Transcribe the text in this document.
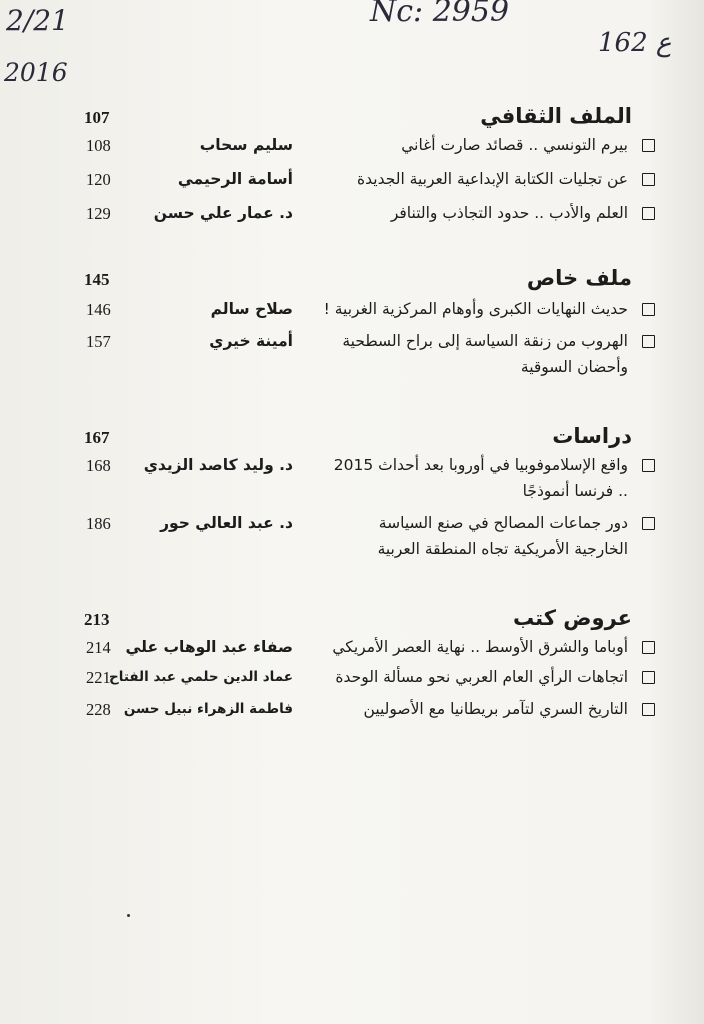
2/21	Nc: 2959
162 ع
2016
الملف الثقافي
107
بيرم التونسي .. قصائد صارت أغاني
سليم سحاب
108
عن تجليات الكتابة الإبداعية العربية الجديدة
أسامة الرحيمي
120
العلم والأدب .. حدود التجاذب والتنافر
د. عمار علي حسن
129
ملف خاص
145
حديث النهايات الكبرى وأوهام المركزية الغربية !
صلاح سالم
146
الهروب من زنقة السياسة إلى براح السطحية
وأحضان السوقية
أمينة خيري
157
دراسات
167
واقع الإسلاموفوبيا في أوروبا بعد أحداث 2015
.. فرنسا أنموذجًا
د. وليد كاصد الزيدي
168
دور جماعات المصالح في صنع السياسة
الخارجية الأمريكية تجاه المنطقة العربية
د. عبد العالي حور
186
عروض كتب
213
أوباما والشرق الأوسط .. نهاية العصر الأمريكي
صفاء عبد الوهاب علي
214
اتجاهات الرأي العام العربي نحو مسألة الوحدة
عماد الدين حلمي عبد الفتاح
221
التاريخ السري لتآمر بريطانيا مع الأصوليين
فاطمة الزهراء نبيل حسن
228
